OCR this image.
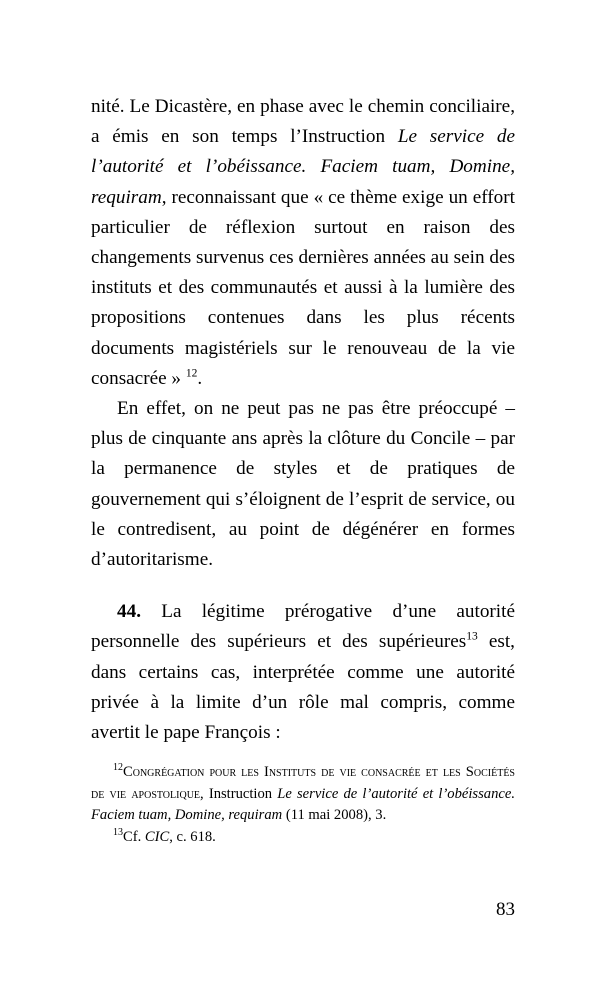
nité. Le Dicastère, en phase avec le chemin conciliaire, a émis en son temps l’Instruction Le service de l’autorité et l’obéissance. Faciem tuam, Domine, requiram, reconnaissant que « ce thème exige un effort particulier de réflexion surtout en raison des changements survenus ces dernières années au sein des instituts et des communautés et aussi à la lumière des propositions contenues dans les plus récents documents magistériels sur le renouveau de la vie consacrée » $^{12}$.

En effet, on ne peut pas ne pas être préoccupé – plus de cinquante ans après la clôture du Concile – par la permanence de styles et de pratiques de gouvernement qui s’éloignent de l’esprit de service, ou le contredisent, au point de dégénérer en formes d’autoritarisme.

44. La légitime prérogative d’une autorité personnelle des supérieurs et des supérieures$^{13}$ est, dans certains cas, interprétée comme une autorité privée à la limite d’un rôle mal compris, comme avertit le pape François :

$^{12}$Congrégation pour les Instituts de vie consacrée et les Sociétés de vie apostolique, Instruction Le service de l’autorité et l’obéissance. Faciem tuam, Domine, requiram (11 mai 2008), 3.

$^{13}$Cf. CIC, c. 618.

83
